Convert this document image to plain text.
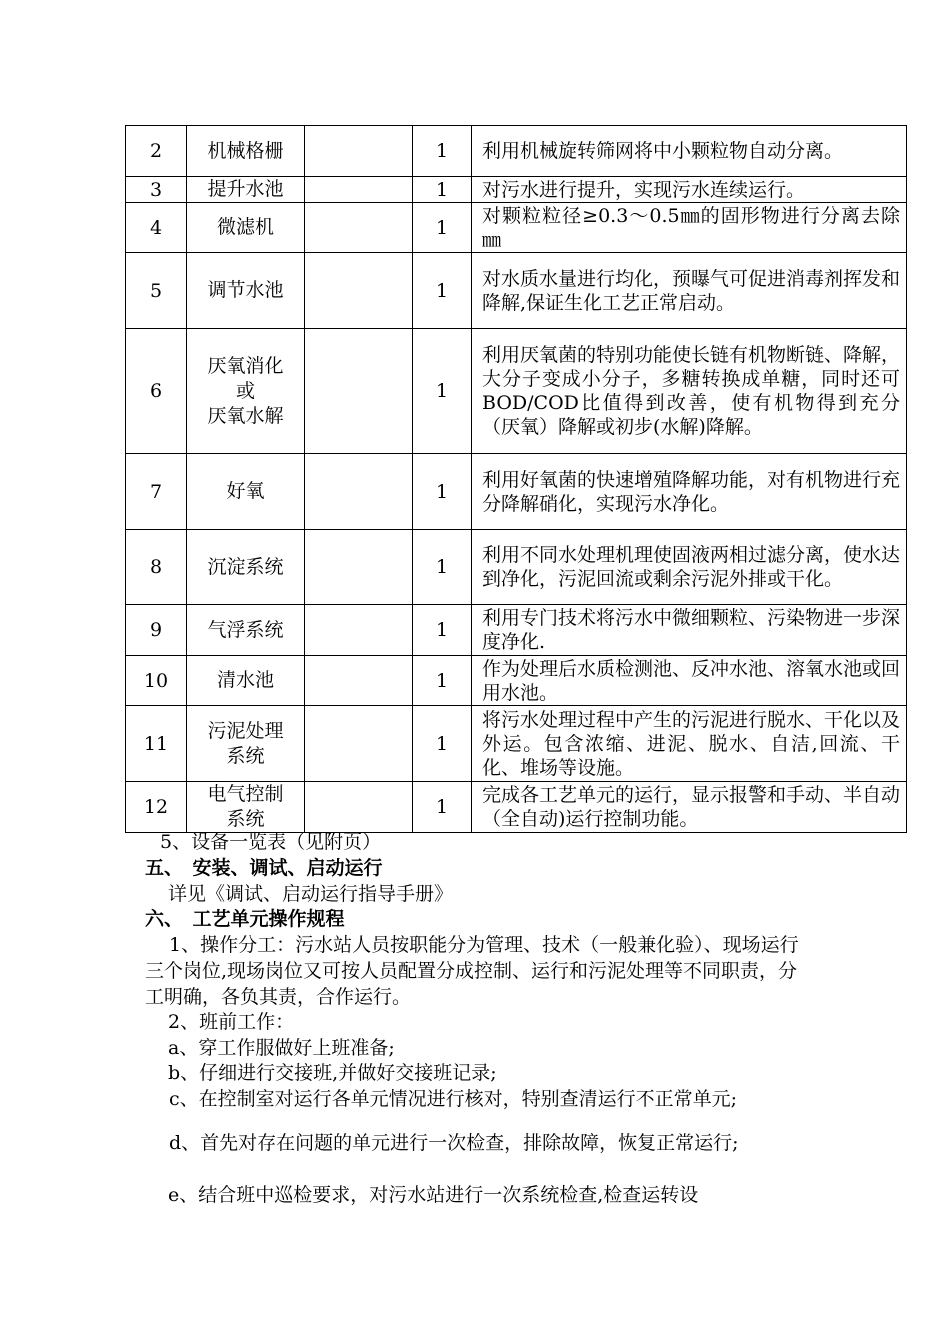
2	机械格栅		1	利用机械旋转筛网将中小颗粒物自动分离。
3	提升水池		1	对污水进行提升，实现污水连续运行。
4	微滤机		1	对颗粒粒径≥0.3～0.5㎜的固形物进行分离去除㎜
5	调节水池		1	对水质水量进行均化，预曝气可促进消毒剂挥发和降解,保证生化工艺正常启动。
6	厌氧消化
或
厌氧水解		1	利用厌氧菌的特别功能使长链有机物断链、降解，大分子变成小分子，多糖转换成单糖，同时还可BOD/COD比值得到改善，使有机物得到充分（厌氧）降解或初步(水解)降解。
7	好氧		1	利用好氧菌的快速增殖降解功能，对有机物进行充分降解硝化，实现污水净化。
8	沉淀系统		1	利用不同水处理机理使固液两相过滤分离，使水达到净化，污泥回流或剩余污泥外排或干化。
9	气浮系统		1	利用专门技术将污水中微细颗粒、污染物进一步深度净化.
10	清水池		1	作为处理后水质检测池、反冲水池、溶氧水池或回用水池。
11	污泥处理
系统		1	将污水处理过程中产生的污泥进行脱水、干化以及外运。包含浓缩、进泥、脱水、自洁,回流、干化、堆场等设施。
12	电气控制
系统		1	完成各工艺单元的运行，显示报警和手动、半自动（全自动)运行控制功能。
5、设备一览表（见附页）
五、　安装、调试、启动运行
详见《调试、启动运行指导手册》
六、　工艺单元操作规程
1、操作分工：污水站人员按职能分为管理、技术（一般兼化验）、现场运行三个岗位,现场岗位又可按人员配置分成控制、运行和污泥处理等不同职责，分工明确，各负其责，合作运行。
2、班前工作：
a、穿工作服做好上班准备;
b、仔细进行交接班,并做好交接班记录;
c、在控制室对运行各单元情况进行核对，特别查清运行不正常单元;
d、首先对存在问题的单元进行一次检查，排除故障，恢复正常运行;
e、结合班中巡检要求，对污水站进行一次系统检查,检查运转设
